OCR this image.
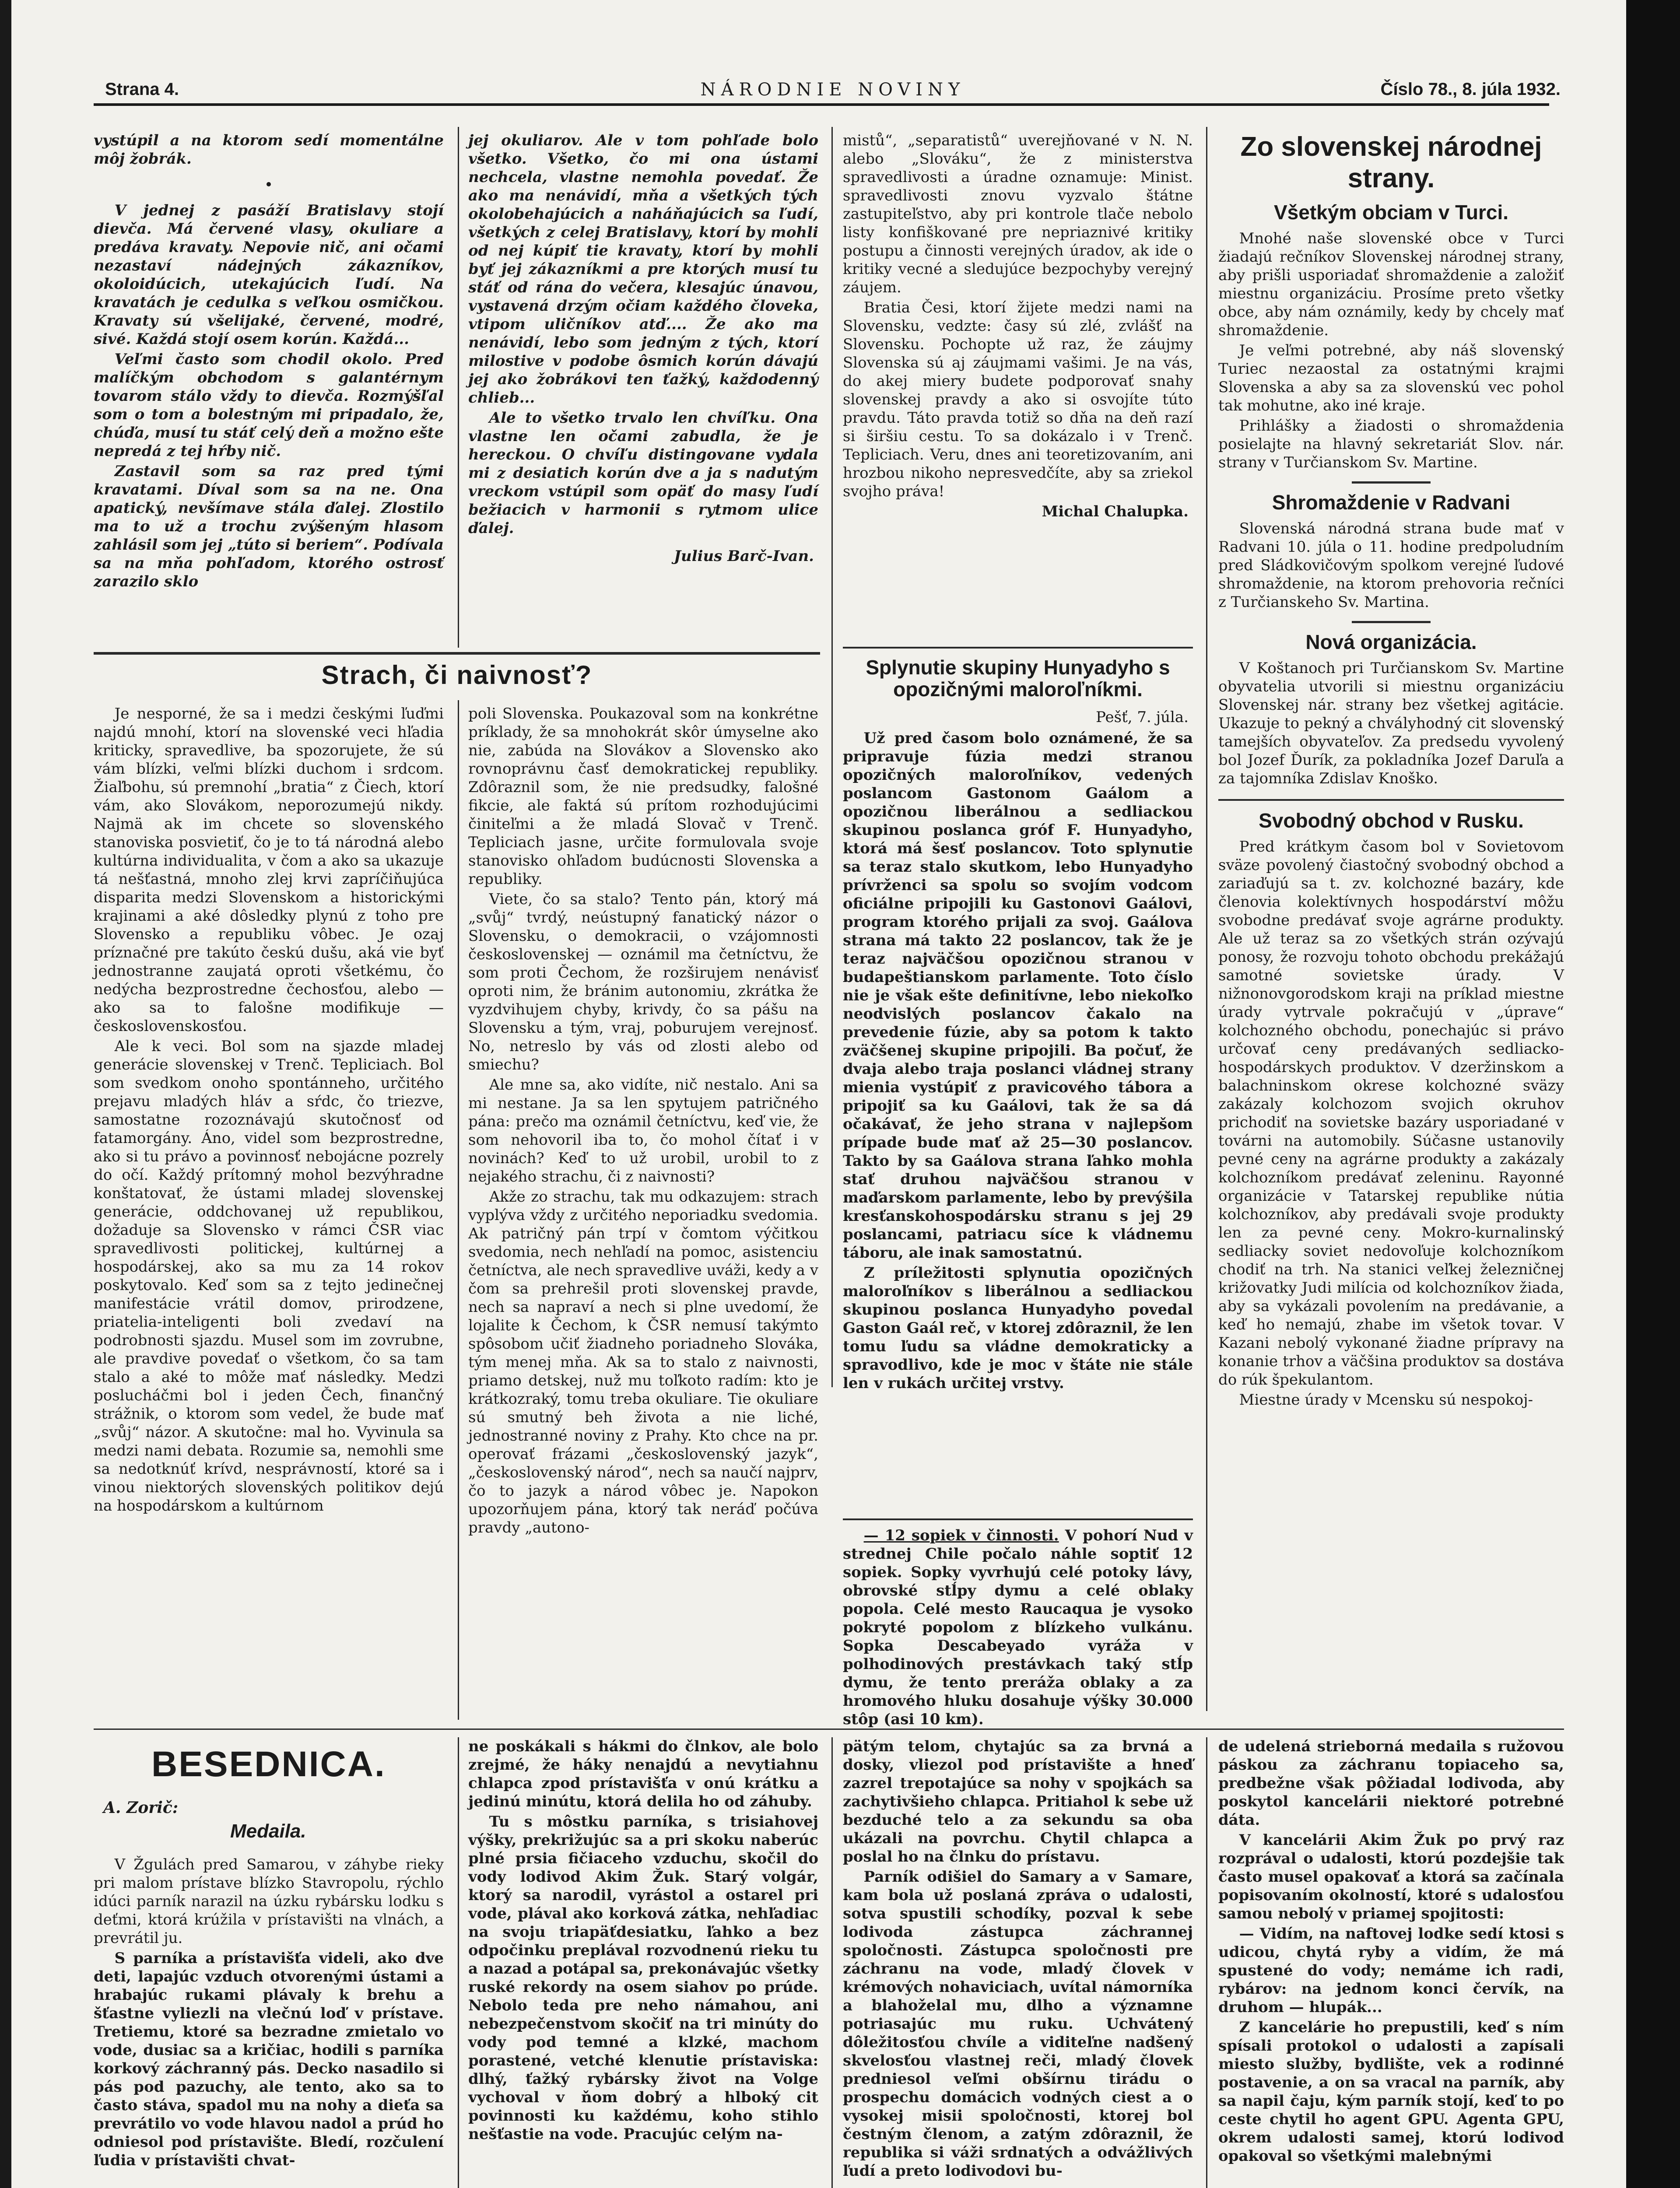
NÁRODNIE NOVINY
Strana 4.	Číslo 78., 8. júla 1932.

vystúpil a na ktorom sedí momentálne môj žobrák.

V jednej z pasáží Bratislavy stojí dievča. Má červené vlasy, okuliare a predáva kravaty. Nepovie nič, ani očami nezastaví nádejných zákazníkov, okoloidúcich, utekajúcich ľudí. Na kravatách je cedulka s veľkou osmičkou. Kravaty sú všelijaké, červené, modré, sivé. Každá stojí osem korún. Každá...

Veľmi často som chodil okolo. Pred malíčkým obchodom s galantérnym tovarom stálo vždy to dievča. Rozmýšľal som o tom a bolestným mi pripadalo, že, chúďa, musí tu stáť celý deň a možno ešte nepredá z tej hŕby nič.

Zastavil som sa raz pred tými kravatami. Díval som sa na ne. Ona apatický, nevšímave stála ďalej. Zlostilo ma to už a trochu zvýšeným hlasom zahlásil som jej „túto si beriem“. Podívala sa na mňa pohľadom, ktorého ostrosť zarazilo sklo

jej okuliarov. Ale v tom pohľade bolo všetko. Všetko, čo mi ona ústami nechcela, vlastne nemohla povedať. Že ako ma nenávidí, mňa a všetkých tých okolobehajúcich a naháňajúcich sa ľudí, všetkých z celej Bratislavy, ktorí by mohli od nej kúpiť tie kravaty, ktorí by mohli byť jej zákazníkmi a pre ktorých musí tu stáť od rána do večera, klesajúc únavou, vystavená drzým očiam každého človeka, vtipom uličníkov atď.... Že ako ma nenávidí, lebo som jedným z tých, ktorí milostive v podobe ôsmich korún dávajú jej ako žobrákovi ten ťažký, každodenný chlieb...

Ale to všetko trvalo len chvíľku. Ona vlastne len očami zabudla, že je hereckou. O chvíľu distingovane vydala mi z desiatich korún dve a ja s nadutým vreckom vstúpil som opäť do masy ľudí bežiacich v harmonii s rytmom ulice ďalej.

Julius Barč-Ivan.

mistů“, „separatistů“ uverejňované v N. N. alebo „Slováku“, že z ministerstva spravedlivosti a úradne oznamuje: Minist. spravedlivosti znovu vyzvalo štátne zastupiteľstvo, aby pri kontrole tlače nebolo listy konfiškované pre nepriaznivé kritiky postupu a činnosti verejných úradov, ak ide o kritiky vecné a sledujúce bezpochyby verejný záujem.

Bratia Česi, ktorí žijete medzi nami na Slovensku, vedzte: časy sú zlé, zvlášť na Slovensku. Pochopte už raz, že záujmy Slovenska sú aj záujmami vašimi. Je na vás, do akej miery budete podporovať snahy slovenskej pravdy a ako si osvojíte túto pravdu. Táto pravda totiž so dňa na deň razí si širšiu cestu. To sa dokázalo i v Trenč. Tepliciach. Veru, dnes ani teoretizovaním, ani hrozbou nikoho nepresvedčíte, aby sa zriekol svojho práva!

Michal Chalupka.
Splynutie skupiny Hunyadyho s opozičnými maloroľníkmi.
Pešť, 7. júla.

Už pred časom bolo oznámené, že sa pripravuje fúzia medzi stranou opozičných maloroľníkov, vedených poslancom Gastonom Gaálom a opozičnou liberálnou a sedliackou skupinou poslanca gróf F. Hunyadyho, ktorá má šesť poslancov. Toto splynutie sa teraz stalo skutkom, lebo Hunyadyho prívrženci sa spolu so svojím vodcom oficiálne pripojili ku Gastonovi Gaálovi, program ktorého prijali za svoj. Gaálova strana má takto 22 poslancov, tak že je teraz najväčšou opozičnou stranou v budapeštianskom parlamente. Toto číslo nie je však ešte definitívne, lebo niekoľko neodvislých poslancov čakalo na prevedenie fúzie, aby sa potom k takto zväčšenej skupine pripojili. Ba počuť, že dvaja alebo traja poslanci vládnej strany mienia vystúpiť z pravicového tábora a pripojiť sa ku Gaálovi, tak že sa dá očakávať, že jeho strana v najlepšom prípade bude mať až 25—30 poslancov. Takto by sa Gaálova strana ľahko mohla stať druhou najväčšou stranou v maďarskom parlamente, lebo by prevýšila kresťanskohospodársku stranu s jej 29 poslancami, patriacu síce k vládnemu táboru, ale inak samostatnú.

Z príležitosti splynutia opozičných maloroľníkov s liberálnou a sedliackou skupinou poslanca Hunyadyho povedal Gaston Gaál reč, v ktorej zdôraznil, že len tomu ľudu sa vládne demokraticky a spravodlivo, kde je moc v štáte nie stále len v rukách určitej vrstvy.

— 12 sopiek v činnosti. V pohorí Nud v strednej Chile počalo náhle soptiť 12 sopiek. Sopky vyvrhujú celé potoky lávy, obrovské stĺpy dymu a celé oblaky popola. Celé mesto Raucaqua je vysoko pokryté popolom z blízkeho vulkánu. Sopka Descabeyado vyráža v polhodinových prestávkach taký stĺp dymu, že tento preráža oblaky a za hromového hluku dosahuje výšky 30.000 stôp (asi 10 km).

Zo slovenskej národnej strany.
Všetkým obciam v Turci.

Mnohé naše slovenské obce v Turci žiadajú rečníkov Slovenskej národnej strany, aby prišli usporiadať shromaždenie a založiť miestnu organizáciu. Prosíme preto všetky obce, aby nám oznámily, kedy by chcely mať shromaždenie.

Je veľmi potrebné, aby náš slovenský Turiec nezaostal za ostatnými krajmi Slovenska a aby sa za slovenskú vec pohol tak mohutne, ako iné kraje.

Prihlášky a žiadosti o shromaždenia posielajte na hlavný sekretariát Slov. nár. strany v Turčianskom Sv. Martine.

Shromaždenie v Radvani

Slovenská národná strana bude mať v Radvani 10. júla o 11. hodine predpoludním pred Sládkovičovým spolkom verejné ľudové shromaždenie, na ktorom prehovoria rečníci z Turčianskeho Sv. Martina.

Nová organizácia.

V Koštanoch pri Turčianskom Sv. Martine obyvatelia utvorili si miestnu organizáciu Slovenskej nár. strany bez všetkej agitácie. Ukazuje to pekný a chvályhodný cit slovenský tamejších obyvateľov. Za predsedu vyvolený bol Jozef Ďurík, za pokladníka Jozef Daruľa a za tajomníka Zdislav Knoško.

Svobodný obchod v Rusku.

Pred krátkym časom bol v Sovietovom sväze povolený čiastočný svobodný obchod a zariaďujú sa t. zv. kolchozné bazáry, kde členovia kolektívnych hospodárství môžu svobodne predávať svoje agrárne produkty. Ale už teraz sa zo všetkých strán ozývajú ponosy, že rozvoju tohoto obchodu prekážajú samotné sovietske úrady. V nižnonovgorodskom kraji na príklad miestne úrady vytrvale pokračujú v „úprave“ kolchozného obchodu, ponechajúc si právo určovať ceny predávaných sedliacko-hospodárskych produktov. V dzeržinskom a balachninskom okrese kolchozné sväzy zakázaly kolchozom svojich okruhov prichodiť na sovietske bazáry usporiadané v továrni na automobily. Súčasne ustanovily pevné ceny na agrárne produkty a zakázaly kolchozníkom predávať zeleninu. Rayonné organizácie v Tatarskej republike nútia kolchozníkov, aby predávali svoje produkty len za pevné ceny. Mokro-kurnalinský sedliacky soviet nedovoľuje kolchozníkom chodiť na trh. Na stanici veľkej železničnej križovatky Judi milícia od kolchozníkov žiada, aby sa vykázali povolením na predávanie, a keď ho nemajú, zhabe im všetok tovar. V Kazani nebolý vykonané žiadne prípravy na konanie trhov a väčšina produktov sa dostáva do rúk špekulantom.

Miestne úrady v Mcensku sú nespokoj-

Strach, či naivnosť?

Je nesporné, že sa i medzi českými ľuďmi najdú mnohí, ktorí na slovenské veci hľadia kriticky, spravedlive, ba spozorujete, že sú vám blízki, veľmi blízki duchom i srdcom. Žiaľbohu, sú premnohí „bratia“ z Čiech, ktorí vám, ako Slovákom, neporozumejú nikdy. Najmä ak im chcete so slovenského stanoviska posvietiť, čo je to tá národná alebo kultúrna individualita, v čom a ako sa ukazuje tá nešťastná, mnoho zlej krvi zapríčiňujúca disparita medzi Slovenskom a historickými krajinami a aké dôsledky plynú z toho pre Slovensko a republiku vôbec. Je ozaj príznačné pre takúto českú dušu, aká vie byť jednostranne zaujatá oproti všetkému, čo nedýcha bezprostredne čechosťou, alebo — ako sa to falošne modifikuje — československosťou.

Ale k veci. Bol som na sjazde mladej generácie slovenskej v Trenč. Tepliciach. Bol som svedkom onoho spontánneho, určitého prejavu mladých hláv a sŕdc, čo triezve, samostatne rozoznávajú skutočnosť od fatamorgány. Áno, videl som bezprostredne, ako si tu právo a povinnosť nebojácne pozrely do očí. Každý prítomný mohol bezvýhradne konštatovať, že ústami mladej slovenskej generácie, oddchovanej už republikou, dožaduje sa Slovensko v rámci ČSR viac spravedlivosti politickej, kultúrnej a hospodárskej, ako sa mu za 14 rokov poskytovalo. Keď som sa z tejto jedinečnej manifestácie vrátil domov, prirodzene, priatelia-inteligenti boli zvedaví na podrobnosti sjazdu. Musel som im zovrubne, ale pravdive povedať o všetkom, čo sa tam stalo a aké to môže mať následky. Medzi poslucháčmi bol i jeden Čech, finančný strážnik, o ktorom som vedel, že bude mať „svůj“ názor. A skutočne: mal ho. Vyvinula sa medzi nami debata. Rozumie sa, nemohli sme sa nedotknúť krívd, nesprávností, ktoré sa i vinou niektorých slovenských politikov dejú na hospodárskom a kultúrnom

poli Slovenska. Poukazoval som na konkrétne príklady, že sa mnohokrát skôr úmyselne ako nie, zabúda na Slovákov a Slovensko ako rovnoprávnu časť demokratickej republiky. Zdôraznil som, že nie predsudky, falošné fikcie, ale faktá sú prítom rozhodujúcimi činiteľmi a že mladá Slovač v Trenč. Tepliciach jasne, určite formulovala svoje stanovisko ohľadom budúcnosti Slovenska a republiky.

Viete, čo sa stalo? Tento pán, ktorý má „svůj“ tvrdý, neústupný fanatický názor o Slovensku, o demokracii, o vzájomnosti československej — oznámil ma četníctvu, že som proti Čechom, že rozširujem nenávisť oproti nim, že bránim autonomiu, zkrátka že vyzdvihujem chyby, krivdy, čo sa pášu na Slovensku a tým, vraj, poburujem verejnosť. No, netreslo by vás od zlosti alebo od smiechu?

Ale mne sa, ako vidíte, nič nestalo. Ani sa mi nestane. Ja sa len spytujem patričného pána: prečo ma oznámil četníctvu, keď vie, že som nehovoril iba to, čo mohol čítať i v novinách? Keď to už urobil, urobil to z nejakého strachu, či z naivnosti?

Akže zo strachu, tak mu odkazujem: strach vyplýva vždy z určitého neporiadku svedomia. Ak patričný pán trpí v čomtom výčitkou svedomia, nech nehľadí na pomoc, asistenciu četníctva, ale nech spravedlive uváži, kedy a v čom sa prehrešil proti slovenskej pravde, nech sa napraví a nech si plne uvedomí, že lojalite k Čechom, k ČSR nemusí takýmto spôsobom učiť žiadneho poriadneho Slováka, tým menej mňa. Ak sa to stalo z naivnosti, priamo detskej, nuž mu toľkoto radím: kto je krátkozraký, tomu treba okuliare. Tie okuliare sú smutný beh života a nie liché, jednostranné noviny z Prahy. Kto chce na pr. operovať frázami „československý jazyk“, „československý národ“, nech sa naučí najprv, čo to jazyk a národ vôbec je. Napokon upozorňujem pána, ktorý tak neráď počúva pravdy „autono-

BESEDNICA.
A. Zorič:
Medaila.

V Žgulách pred Samarou, v záhybe rieky pri malom prístave blízko Stavropolu, rýchlo idúci parník narazil na úzku rybársku lodku s deťmi, ktorá krúžila v prístavišti na vlnách, a prevrátil ju.

S parníka a prístavišťa videli, ako dve deti, lapajúc vzduch otvorenými ústami a hrabajúc rukami plávaly k brehu a šťastne vyliezli na vlečnú loď v prístave. Tretiemu, ktoré sa bezradne zmietalo vo vode, dusiac sa a kričiac, hodili s parníka korkový záchranný pás. Decko nasadilo si pás pod pazuchy, ale tento, ako sa to často stáva, spadol mu na nohy a dieťa sa prevrátilo vo vode hlavou nadol a prúd ho odniesol pod prístavište. Bledí, rozčulení ľudia v prístavišti chvat-

ne poskákali s hákmi do člnkov, ale bolo zrejmé, že háky nenajdú a nevytiahnu chlapca zpod prístavišťa v onú krátku a jedinú minútu, ktorá delila ho od záhuby.

Tu s môstku parníka, s trisiahovej výšky, prekrižujúc sa a pri skoku naberúc plné prsia fičiaceho vzduchu, skočil do vody lodivod Akim Žuk. Starý volgár, ktorý sa narodil, vyrástol a ostarel pri vode, plával ako korková zátka, nehľadiac na svoju triapäťdesiatku, ľahko a bez odpočinku preplával rozvodnenú rieku tu a nazad a potápal sa, prekonávajúc všetky ruské rekordy na osem siahov po prúde. Nebolo teda pre neho námahou, ani nebezpečenstvom skočiť na tri minúty do vody pod temné a klzké, machom porastené, vetché klenutie prístaviska: dlhý, ťažký rybársky život na Volge vychoval v ňom dobrý a hlboký cit povinnosti ku každému, koho stihlo nešťastie na vode. Pracujúc celým na-

pätým telom, chytajúc sa za brvná a dosky, vliezol pod prístavište a hneď zazrel trepotajúce sa nohy v spojkách sa zachytivšieho chlapca. Pritiahol k sebe už bezduché telo a za sekundu sa oba ukázali na povrchu. Chytil chlapca a poslal ho na člnku do prístavu.

Parník odišiel do Samary a v Samare, kam bola už poslaná zpráva o udalosti, sotva spustili schodíky, pozval k sebe lodivoda zástupca záchrannej spoločnosti. Zástupca spoločnosti pre záchranu na vode, mladý človek v krémových nohaviciach, uvítal námorníka a blahoželal mu, dlho a významne potriasajúc mu ruku. Uchvátený dôležitosťou chvíle a viditeľne nadšený skvelosťou vlastnej reči, mladý človek predniesol veľmi obšírnu tirádu o prospechu domácich vodných ciest a o vysokej misii spoločnosti, ktorej bol čestným členom, a zatým zdôraznil, že republika si váži srdnatých a odvážlivých ľudí a preto lodivodovi bu-

de udelená strieborná medaila s ružovou páskou za záchranu topiaceho sa, predbežne však pôžiadal lodivoda, aby poskytol kancelárii niektoré potrebné dáta.

V kancelárii Akim Žuk po prvý raz rozprával o udalosti, ktorú pozdejšie tak často musel opakovať a ktorá sa začínala popisovaním okolností, ktoré s udalosťou samou nebolý v priamej spojitosti:

— Vidím, na naftovej lodke sedí ktosi s udicou, chytá ryby a vidím, že má spustené do vody; nemáme ich radi, rybárov: na jednom konci červík, na druhom — hlupák...

Z kancelárie ho prepustili, keď s ním spísali protokol o udalosti a zapísali miesto služby, bydlište, vek a rodinné postavenie, a on sa vracal na parník, aby sa napil čaju, kým parník stojí, keď to po ceste chytil ho agent GPU. Agenta GPU, okrem udalosti samej, ktorú lodivod opakoval so všetkými malebnými
